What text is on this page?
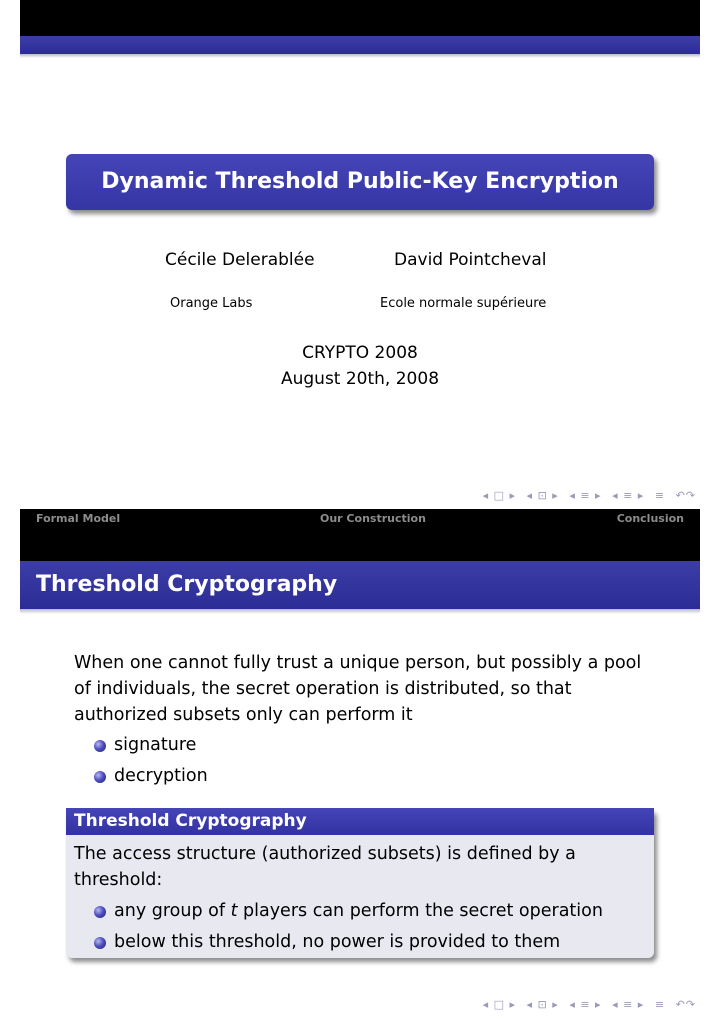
Dynamic Threshold Public-Key Encryption
Cécile Delerablée	David Pointcheval
Orange Labs	Ecole normale supérieure
CRYPTO 2008
August 20th, 2008
◂ □ ▸ ◂ ⊡ ▸ ◂ ≡ ▸ ◂ ≡ ▸ ≡ ↶↷
Formal Model	Our Construction	Conclusion
Threshold Cryptography
When one cannot fully trust a unique person, but possibly a pool of individuals, the secret operation is distributed, so that authorized subsets only can perform it
signature
decryption
Threshold Cryptography
The access structure (authorized subsets) is defined by a threshold:
any group of t players can perform the secret operation
below this threshold, no power is provided to them
◂ □ ▸ ◂ ⊡ ▸ ◂ ≡ ▸ ◂ ≡ ▸ ≡ ↶↷
